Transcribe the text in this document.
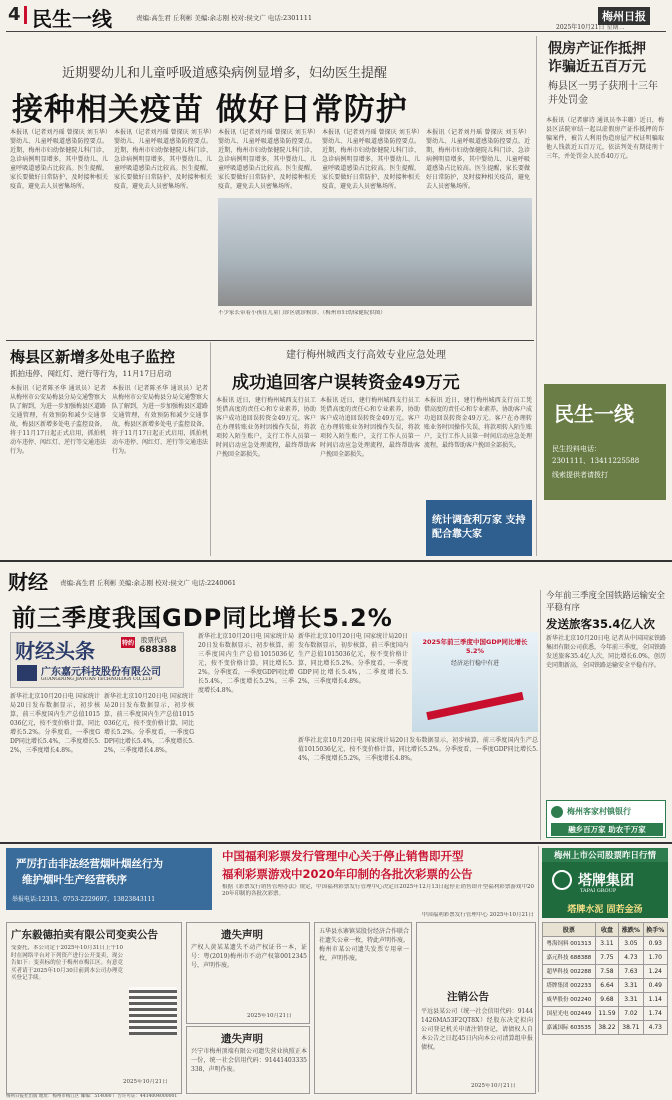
4 民生一线	责编:高生君 丘利彬 美编:余志刚 校对:侯文广 电话:2301111	梅州日报
2025年10月21日 星期二
近期婴幼儿和儿童呼吸道感染病例显增多，妇幼医生提醒
接种相关疫苗 做好日常防护
本报讯（记者刘丹瑶 曾探庆 刘玉华）婴幼儿、儿童呼吸道感染防控要点。近期，梅州市妇幼保健院儿科门诊、急诊病例明显增多，其中婴幼儿、儿童呼吸道感染占比较高。医生提醒，家长要做好日常防护，及时接种相关疫苗，避免去人员密集场所。
本报讯（记者刘丹瑶 曾探庆 刘玉华）婴幼儿、儿童呼吸道感染防控要点。近期，梅州市妇幼保健院儿科门诊、急诊病例明显增多，其中婴幼儿、儿童呼吸道感染占比较高。医生提醒，家长要做好日常防护，及时接种相关疫苗，避免去人员密集场所。
本报讯（记者刘丹瑶 曾探庆 刘玉华）婴幼儿、儿童呼吸道感染防控要点。近期，梅州市妇幼保健院儿科门诊、急诊病例明显增多，其中婴幼儿、儿童呼吸道感染占比较高。医生提醒，家长要做好日常防护，及时接种相关疫苗，避免去人员密集场所。
不少家长带着小孩在儿童门诊区就诊候诊。（梅州市妇幼保健院供图）
本报讯（记者刘丹瑶 曾探庆 刘玉华）婴幼儿、儿童呼吸道感染防控要点。近期，梅州市妇幼保健院儿科门诊、急诊病例明显增多，其中婴幼儿、儿童呼吸道感染占比较高。医生提醒，家长要做好日常防护，及时接种相关疫苗，避免去人员密集场所。
本报讯（记者刘丹瑶 曾探庆 刘玉华）婴幼儿、儿童呼吸道感染防控要点。近期，梅州市妇幼保健院儿科门诊、急诊病例明显增多，其中婴幼儿、儿童呼吸道感染占比较高。医生提醒，家长要做好日常防护，及时接种相关疫苗，避免去人员密集场所。
假房产证作抵押 诈骗近五百万元
梅县区一男子获刑十三年并处罚金
本报讯（记者廖诗 通讯员李丰珊）近日，梅县区法院审结一起以虚假房产证作抵押的诈骗案件，被告人利用伪造房屋产权证明骗取他人钱款近五百万元，依法判处有期徒刑十三年，并处罚金人民币40万元。
民生一线
民生投料电话：
2301111、13411225588
线索提供者请拨打
梅县区新增多处电子监控
抓拍违停、闯红灯、逆行等行为，11月17日启动
本报讯（记者陈圣华 通讯员）记者从梅州市公安局梅县分局交通警察大队了解到，为进一步加强梅县区道路交通管理，有效预防和减少交通事故，梅县区新增多处电子监控设备，将于11月17日起正式启用，抓拍机动车违停、闯红灯、逆行等交通违法行为。
本报讯（记者陈圣华 通讯员）记者从梅州市公安局梅县分局交通警察大队了解到，为进一步加强梅县区道路交通管理，有效预防和减少交通事故，梅县区新增多处电子监控设备，将于11月17日起正式启用，抓拍机动车违停、闯红灯、逆行等交通违法行为。
建行梅州城西支行高效专业应急处理
成功追回客户误转资金49万元
本报讯 近日，建行梅州城西支行员工凭借高度的责任心和专业素养，协助客户成功追回误转资金49万元。客户在办理转账业务时因操作失误，将款项转入陌生账户，支行工作人员第一时间启动应急处理流程，最终帮助客户挽回全部损失。
本报讯 近日，建行梅州城西支行员工凭借高度的责任心和专业素养，协助客户成功追回误转资金49万元。客户在办理转账业务时因操作失误，将款项转入陌生账户，支行工作人员第一时间启动应急处理流程，最终帮助客户挽回全部损失。
本报讯 近日，建行梅州城西支行员工凭借高度的责任心和专业素养，协助客户成功追回误转资金49万元。客户在办理转账业务时因操作失误，将款项转入陌生账户，支行工作人员第一时间启动应急处理流程，最终帮助客户挽回全部损失。
统计调查利万家 支持配合靠大家
财经 责编:高生君 丘利彬 美编:余志刚 校对:侯文广 电话:2240061
前三季度我国GDP同比增长5.2%
财经头条	特约 股票代码
688388
广东嘉元科技股份有限公司
GUANGDONG JIAYUAN TECHNOLOGY CO.,LTD
新华社北京10月20日电 国家统计局20日发布数据显示，初步核算，前三季度国内生产总值1015036亿元，按不变价格计算，同比增长5.2%。分季度看，一季度GDP同比增长5.4%，二季度增长5.2%，三季度增长4.8%。
新华社北京10月20日电 国家统计局20日发布数据显示，初步核算，前三季度国内生产总值1015036亿元，按不变价格计算，同比增长5.2%。分季度看，一季度GDP同比增长5.4%，二季度增长5.2%，三季度增长4.8%。
新华社北京10月20日电 国家统计局20日发布数据显示，初步核算，前三季度国内生产总值1015036亿元，按不变价格计算，同比增长5.2%。分季度看，一季度GDP同比增长5.4%，二季度增长5.2%，三季度增长4.8%。
新华社北京10月20日电 国家统计局20日发布数据显示，初步核算，前三季度国内生产总值1015036亿元，按不变价格计算，同比增长5.2%。分季度看，一季度GDP同比增长5.4%，二季度增长5.2%，三季度增长4.8%。
2025年前三季度中国GDP同比增长5.2%
经济运行稳中有进
新华社北京10月20日电 国家统计局20日发布数据显示，初步核算，前三季度国内生产总值1015036亿元，按不变价格计算，同比增长5.2%。分季度看，一季度GDP同比增长5.4%，二季度增长5.2%，三季度增长4.8%。
今年前三季度全国铁路运输安全平稳有序
发送旅客35.4亿人次
新华社北京10月20日电 记者从中国国家铁路集团有限公司获悉，今年前三季度，全国铁路发送旅客35.4亿人次，同比增长6.0%，创历史同期新高，全国铁路运输安全平稳有序。
梅州客家村镇银行
融乡百万家 助农千万家
严厉打击非法经营烟叶烟丝行为
维护烟叶生产经营秩序
举报电话:12313、0753-2229697、13823843111
中国福利彩票发行管理中心关于停止销售即开型
福利彩票游戏中2020年印制的各批次彩票的公告
根据《彩票发行销售管理办法》规定，中国福利彩票发行管理中心决定自2025年12月13日起停止销售即开型福利彩票游戏中2020年印制的各批次彩票。
中国福利彩票发行管理中心 2025年10月21日
梅州上市公司股票昨日行情
塔牌集团
TAPAI GROUP
塔牌水泥 固若金汤
股票	收盘	涨跌%	换手%
粤海饲料 001313	3.11	3.05	0.93
嘉元科技 688388	7.75	4.73	1.70
超华科技 002288	7.58	7.63	1.24
塔牌集团 002233	6.64	3.31	0.49
威华股份 002240	9.68	3.31	1.14
国星光电 002449	11.59	7.02	1.74
嘉诚国际 603535	38.22	38.71	4.73
广东毅德拍卖有限公司变卖公告
受委托，本公司定于2025年10月31日上午10时在网络平台对下列资产进行公开变卖，现公告如下：变卖标的位于梅州市梅江区。有意竞买者请于2025年10月30日前到本公司办理竞买登记手续。
2025年10月21日
遗失声明
产权人黄某某遗失不动产权证书一本，证号：粤(2019)梅州市不动产权第0012345号，声明作废。
2025年10月21日
遗失声明
兴宁市梅州顶端有限公司遗失营业执照正本一份，统一社会信用代码：91441403335338，声明作废。
五华县水寨镇某股份经济合作联合社遗失公章一枚，特此声明作废。梅州市某公司遗失发票专用章一枚，声明作废。
注销公告
平远县某公司（统一社会信用代码：91441426MA53F2QT8X）经股东决定拟向公司登记机关申请注销登记，请债权人自本公告之日起45日内向本公司清算组申报债权。
2025年10月21日
梅州日报社出版 地址：梅州市梅江区 邮编：514000 广告许可证：4414004000001
